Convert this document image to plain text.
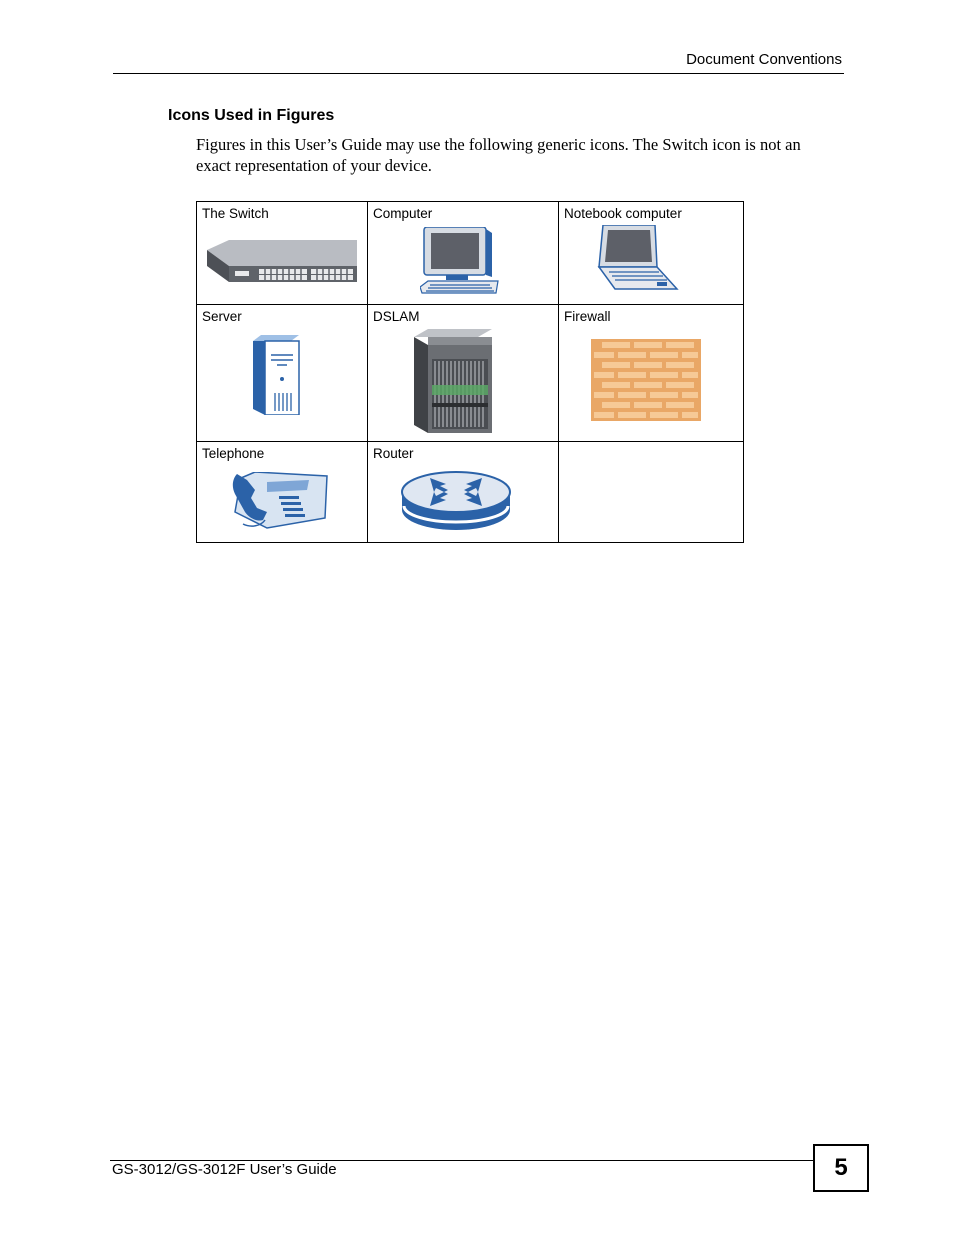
Document Conventions
Icons Used in Figures
Figures in this User’s Guide may use the following generic icons. The Switch icon is not an exact representation of your device.
The Switch	Computer	Notebook computer

Server	DSLAM	Firewall

Telephone	Router	

GS-3012/GS-3012F User’s Guide	5
